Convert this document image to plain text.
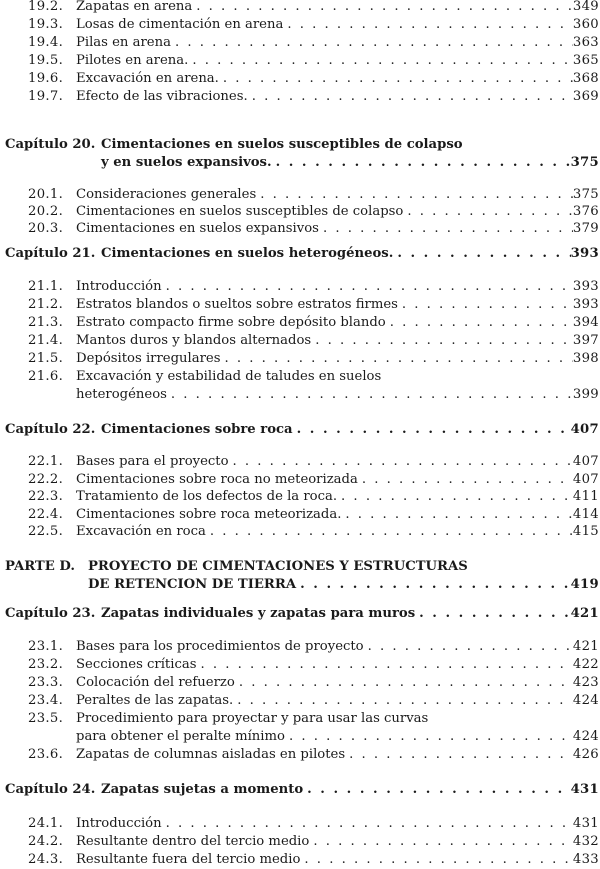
19.2. Zapatas en arena . . .	349
19.3. Losas de cimentación en arena . . .	360
19.4. Pilas en arena . . .	363
19.5. Pilotes en arena. . . .	365
19.6. Excavación en arena. . . .	368
19.7. Efecto de las vibraciones. . . .	369
Capítulo 20. Cimentaciones en suelos susceptibles de colapso
y en suelos expansivos. . . .	375
20.1. Consideraciones generales . . .	375
20.2. Cimentaciones en suelos susceptibles de colapso . . .	376
20.3. Cimentaciones en suelos expansivos . . .	379
Capítulo 21. Cimentaciones en suelos heterogéneos. . . .	393
21.1. Introducción . . .	393
21.2. Estratos blandos o sueltos sobre estratos firmes . . .	393
21.3. Estrato compacto firme sobre depósito blando . . .	394
21.4. Mantos duros y blandos alternados . . .	397
21.5. Depósitos irregulares . . .	398
21.6. Excavación y estabilidad de taludes en suelos
heterogéneos . . .	399
Capítulo 22. Cimentaciones sobre roca . . .	407
22.1. Bases para el proyecto . . .	407
22.2. Cimentaciones sobre roca no meteorizada . . .	407
22.3. Tratamiento de los defectos de la roca. . . .	411
22.4. Cimentaciones sobre roca meteorizada. . . .	414
22.5. Excavación en roca . . .	415
PARTE D. PROYECTO DE CIMENTACIONES Y ESTRUCTURAS
DE RETENCION DE TIERRA . . .	419
Capítulo 23. Zapatas individuales y zapatas para muros . . .	421
23.1. Bases para los procedimientos de proyecto . . .	421
23.2. Secciones críticas . . .	422
23.3. Colocación del refuerzo . . .	423
23.4. Peraltes de las zapatas. . . .	424
23.5. Procedimiento para proyectar y para usar las curvas
para obtener el peralte mínimo . . .	424
23.6. Zapatas de columnas aisladas en pilotes . . .	426
Capítulo 24. Zapatas sujetas a momento . . .	431
24.1. Introducción . . .	431
24.2. Resultante dentro del tercio medio . . .	432
24.3. Resultante fuera del tercio medio . . .	433
